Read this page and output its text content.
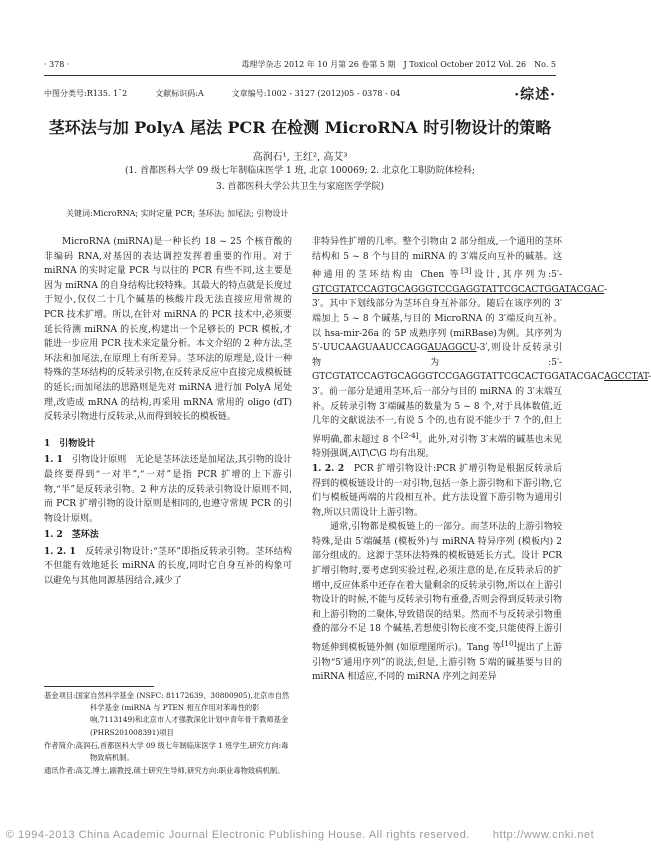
· 378 ·	毒理学杂志 2012 年 10 月第 26 卷第 5 期　J Toxicol October 2012 Vol. 26　No. 5
中图分类号:R135. 1ˉ2	文献标识码:A	文章编号:1002 - 3127 (2012)05 - 0378 - 04	·综述·
茎环法与加 PolyA 尾法 PCR 在检测 MicroRNA 时引物设计的策略
高润石¹, 王红², 高艾³
(1. 首都医科大学 09 级七年制临床医学 1 班, 北京 100069; 2. 北京化工职防院体检科;
3. 首都医科大学公共卫生与家庭医学学院)
关键词:MicroRNA; 实时定量 PCR; 茎环法; 加尾法; 引物设计

MicroRNA (miRNA)是一种长约 18 ~ 25 个核苷酸的非编码 RNA,对基因的表达调控发挥着重要的作用。对于 miRNA 的实时定量 PCR 与以往的 PCR 有些不同,这主要是因为 miRNA 的自身结构比较特殊。其最大的特点就是长度过于短小,仅仅二十几个碱基的核酸片段无法直接应用常规的 PCR 技术扩增。所以,在针对 miRNA 的 PCR 技术中,必须要延长待测 miRNA 的长度,构建出一个足够长的 PCR 模板,才能进一步应用 PCR 技术来定量分析。本文介绍的 2 种方法,茎环法和加尾法,在原理上有所差异。茎环法的原理是,设计一种特殊的茎环结构的反转录引物,在反转录反应中直接完成模板链的延长;而加尾法的思路则是先对 miRNA 进行加 PolyA 尾处理,改造成 mRNA 的结构,再采用 mRNA 常用的 oligo (dT)反转录引物进行反转录,从而得到较长的模板链。

1　引物设计

1. 1　引物设计原则　无论是茎环法还是加尾法,其引物的设计最终要得到“一对半”,“一对”是指 PCR 扩增的上下游引物,“半”是反转录引物。2 种方法的反转录引物设计原则不同,而 PCR 扩增引物的设计原则是相同的,也遵守常规 PCR 的引物设计原则。

1. 2　茎环法

1. 2. 1　反转录引物设计:“茎环”即指反转录引物。茎环结构不但能有效地延长 miRNA 的长度,同时它自身互补的构象可以避免与其他同源基因结合,减少了

基金项目:国家自然科学基金 (NSFC: 81172639、30800905),北京市自然科学基金 (miRNA 与 PTEN 相互作用对苯毒性的影响,7113149)和北京市人才强教深化计划中青年骨干教师基金 (PHRS201008391)项目
作者简介:高润石,首都医科大学 09 级七年制临床医学 1 班学生,研究方向:毒物致病机制。
通讯作者:高艾,博士,副教授,硕士研究生导师,研究方向:职业毒物致病机制。

非特异性扩增的几率。整个引物由 2 部分组成,一个通用的茎环结构和 5 ~ 8 个与目的 miRNA 的 3′端反向互补的碱基。这种通用的茎环结构由 Chen 等[3]设计,其序列为:5′-GTCGTATCCAGTGCAGGGTCCGAGGTATTCGCACTGGATACGAC-3′。其中下划线部分为茎环自身互补部分。随后在该序列的 3′端加上 5 ~ 8 个碱基,与目的 MicroRNA 的 3′端反向互补。以 hsa-mir-26a 的 5P 成熟序列 (miRBase)为例。其序列为 5′-UUCAAGUAAUCCAGGAUAGGCU-3′,则设计反转录引物为:5′-GTCGTATCCAGTGCAGGGTCCGAGGTATTCGCACTGGATACGACAGCCTAT-3′。前一部分是通用茎环,后一部分与目的 miRNA 的 3′末端互补。反转录引物 3′端碱基的数量为 5 ~ 8 个,对于具体数值,近几年的文献说法不一,有说 5 个的,也有说不能少于 7 个的,但上界明确,都未超过 8 个[2-4]。此外,对引物 3′末端的碱基也未见特别强调,A\T\C\G 均有出现。

1. 2. 2　PCR 扩增引物设计:PCR 扩增引物是根据反转录后得到的模板链设计的一对引物,包括一条上游引物和下游引物,它们与模板链两端的片段相互补。此方法设置下游引物为通用引物,所以只需设计上游引物。

通常,引物都是模板链上的一部分。而茎环法的上游引物较特殊,是由 5′端碱基 (模板外)与 miRNA 特异序列 (模板内) 2 部分组成的。这源于茎环法特殊的模板链延长方式。设计 PCR 扩增引物时,要考虑到实验过程,必须注意的是,在反转录后的扩增中,反应体系中还存在着大量剩余的反转录引物,所以在上游引物设计的时候,不能与反转录引物有重叠,否则会得到反转录引物和上游引物的二聚体,导致错误的结果。然而不与反转录引物重叠的部分不足 18 个碱基,若想使引物长度不变,只能使得上游引物延伸到模板链外侧 (如原理图所示)。Tang 等[10]提出了上游引物“5′通用序列”的说法,但是,上游引物 5′端的碱基要与目的 miRNA 相适应,不同的 miRNA 序列之间差异

© 1994-2013 China Academic Journal Electronic Publishing House. All rights reserved.　　http://www.cnki.net
